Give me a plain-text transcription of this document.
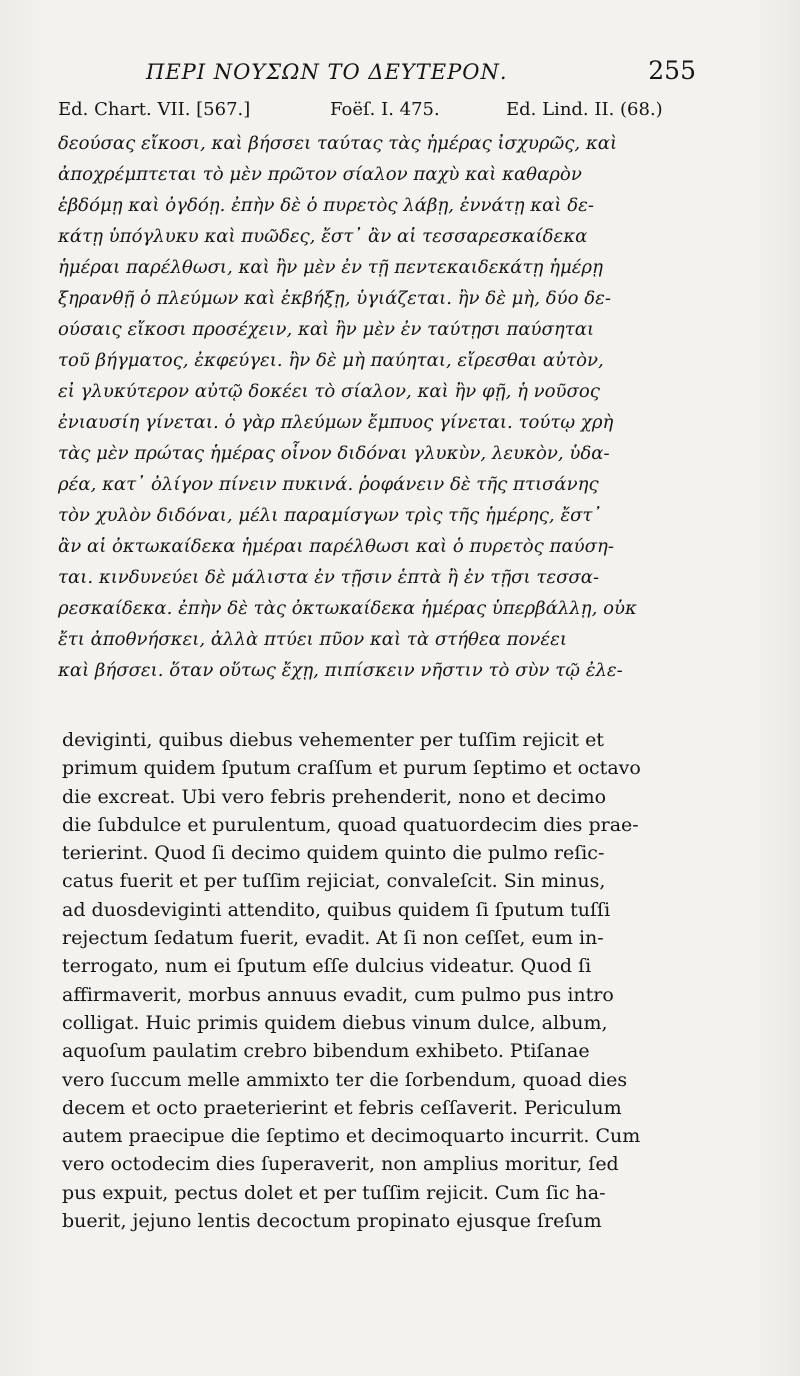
ΠΕΡΙ ΝΟΥΣΩΝ ΤΟ ΔΕΥΤΕΡΟΝ.	255
Ed. Chart. VII. [567.]	Foëſ. I. 475.	Ed. Lind. II. (68.)
δεούσας εἴκοσι, καὶ βήσσει ταύτας τὰς ἡμέρας ἰσχυρῶς, καὶ
ἀποχρέμπτεται τὸ μὲν πρῶτον σίαλον παχὺ καὶ καθαρὸν
ἑβδόμῃ καὶ ὀγδόῃ. ἐπὴν δὲ ὁ πυρετὸς λάβῃ, ἐννάτῃ καὶ δε-
κάτῃ ὑπόγλυκυ καὶ πυῶδες, ἔστ᾽ ἂν αἱ τεσσαρεσκαίδεκα
ἡμέραι παρέλθωσι, καὶ ἢν μὲν ἐν τῇ πεντεκαιδεκάτῃ ἡμέρῃ
ξηρανθῇ ὁ πλεύμων καὶ ἐκβήξῃ, ὑγιάζεται. ἢν δὲ μὴ, δύο δε-
ούσαις εἴκοσι προσέχειν, καὶ ἢν μὲν ἐν ταύτῃσι παύσηται
τοῦ βήγματος, ἐκφεύγει. ἢν δὲ μὴ παύηται, εἴρεσθαι αὐτὸν,
εἰ γλυκύτερον αὐτῷ δοκέει τὸ σίαλον, καὶ ἢν φῇ, ἡ νοῦσος
ἐνιαυσίη γίνεται. ὁ γὰρ πλεύμων ἔμπυος γίνεται. τούτῳ χρὴ
τὰς μὲν πρώτας ἡμέρας οἶνον διδόναι γλυκὺν, λευκὸν, ὑδα-
ρέα, κατ᾽ ὀλίγον πίνειν πυκινά. ῥοφάνειν δὲ τῆς πτισάνης
τὸν χυλὸν διδόναι, μέλι παραμίσγων τρὶς τῆς ἡμέρης, ἔστ᾽
ἂν αἱ ὀκτωκαίδεκα ἡμέραι παρέλθωσι καὶ ὁ πυρετὸς παύση-
ται. κινδυνεύει δὲ μάλιστα ἐν τῇσιν ἑπτὰ ἢ ἐν τῇσι τεσσα-
ρεσκαίδεκα. ἐπὴν δὲ τὰς ὀκτωκαίδεκα ἡμέρας ὑπερβάλλῃ, οὐκ
ἔτι ἀποθνήσκει, ἀλλὰ πτύει πῦον καὶ τὰ στήθεα πονέει
καὶ βήσσει. ὅταν οὕτως ἔχῃ, πιπίσκειν νῆστιν τὸ σὺν τῷ ἐλε-
deviginti, quibus diebus vehementer per tuſſim rejicit et
primum quidem ſputum craſſum et purum ſeptimo et octavo
die excreat. Ubi vero febris prehenderit, nono et decimo
die ſubdulce et purulentum, quoad quatuordecim dies prae-
terierint. Quod ſi decimo quidem quinto die pulmo reſic-
catus fuerit et per tuſſim rejiciat, convaleſcit. Sin minus,
ad duosdeviginti attendito, quibus quidem ſi ſputum tuſſi
rejectum ſedatum fuerit, evadit. At ſi non ceſſet, eum in-
terrogato, num ei ſputum eſſe dulcius videatur. Quod ſi
affirmaverit, morbus annuus evadit, cum pulmo pus intro
colligat. Huic primis quidem diebus vinum dulce, album,
aquoſum paulatim crebro bibendum exhibeto. Ptiſanae
vero ſuccum melle ammixto ter die ſorbendum, quoad dies
decem et octo praeterierint et febris ceſſaverit. Periculum
autem praecipue die ſeptimo et decimoquarto incurrit. Cum
vero octodecim dies ſuperaverit, non amplius moritur, ſed
pus expuit, pectus dolet et per tuſſim rejicit. Cum ſic ha-
buerit, jejuno lentis decoctum propinato ejusque ſreſum
